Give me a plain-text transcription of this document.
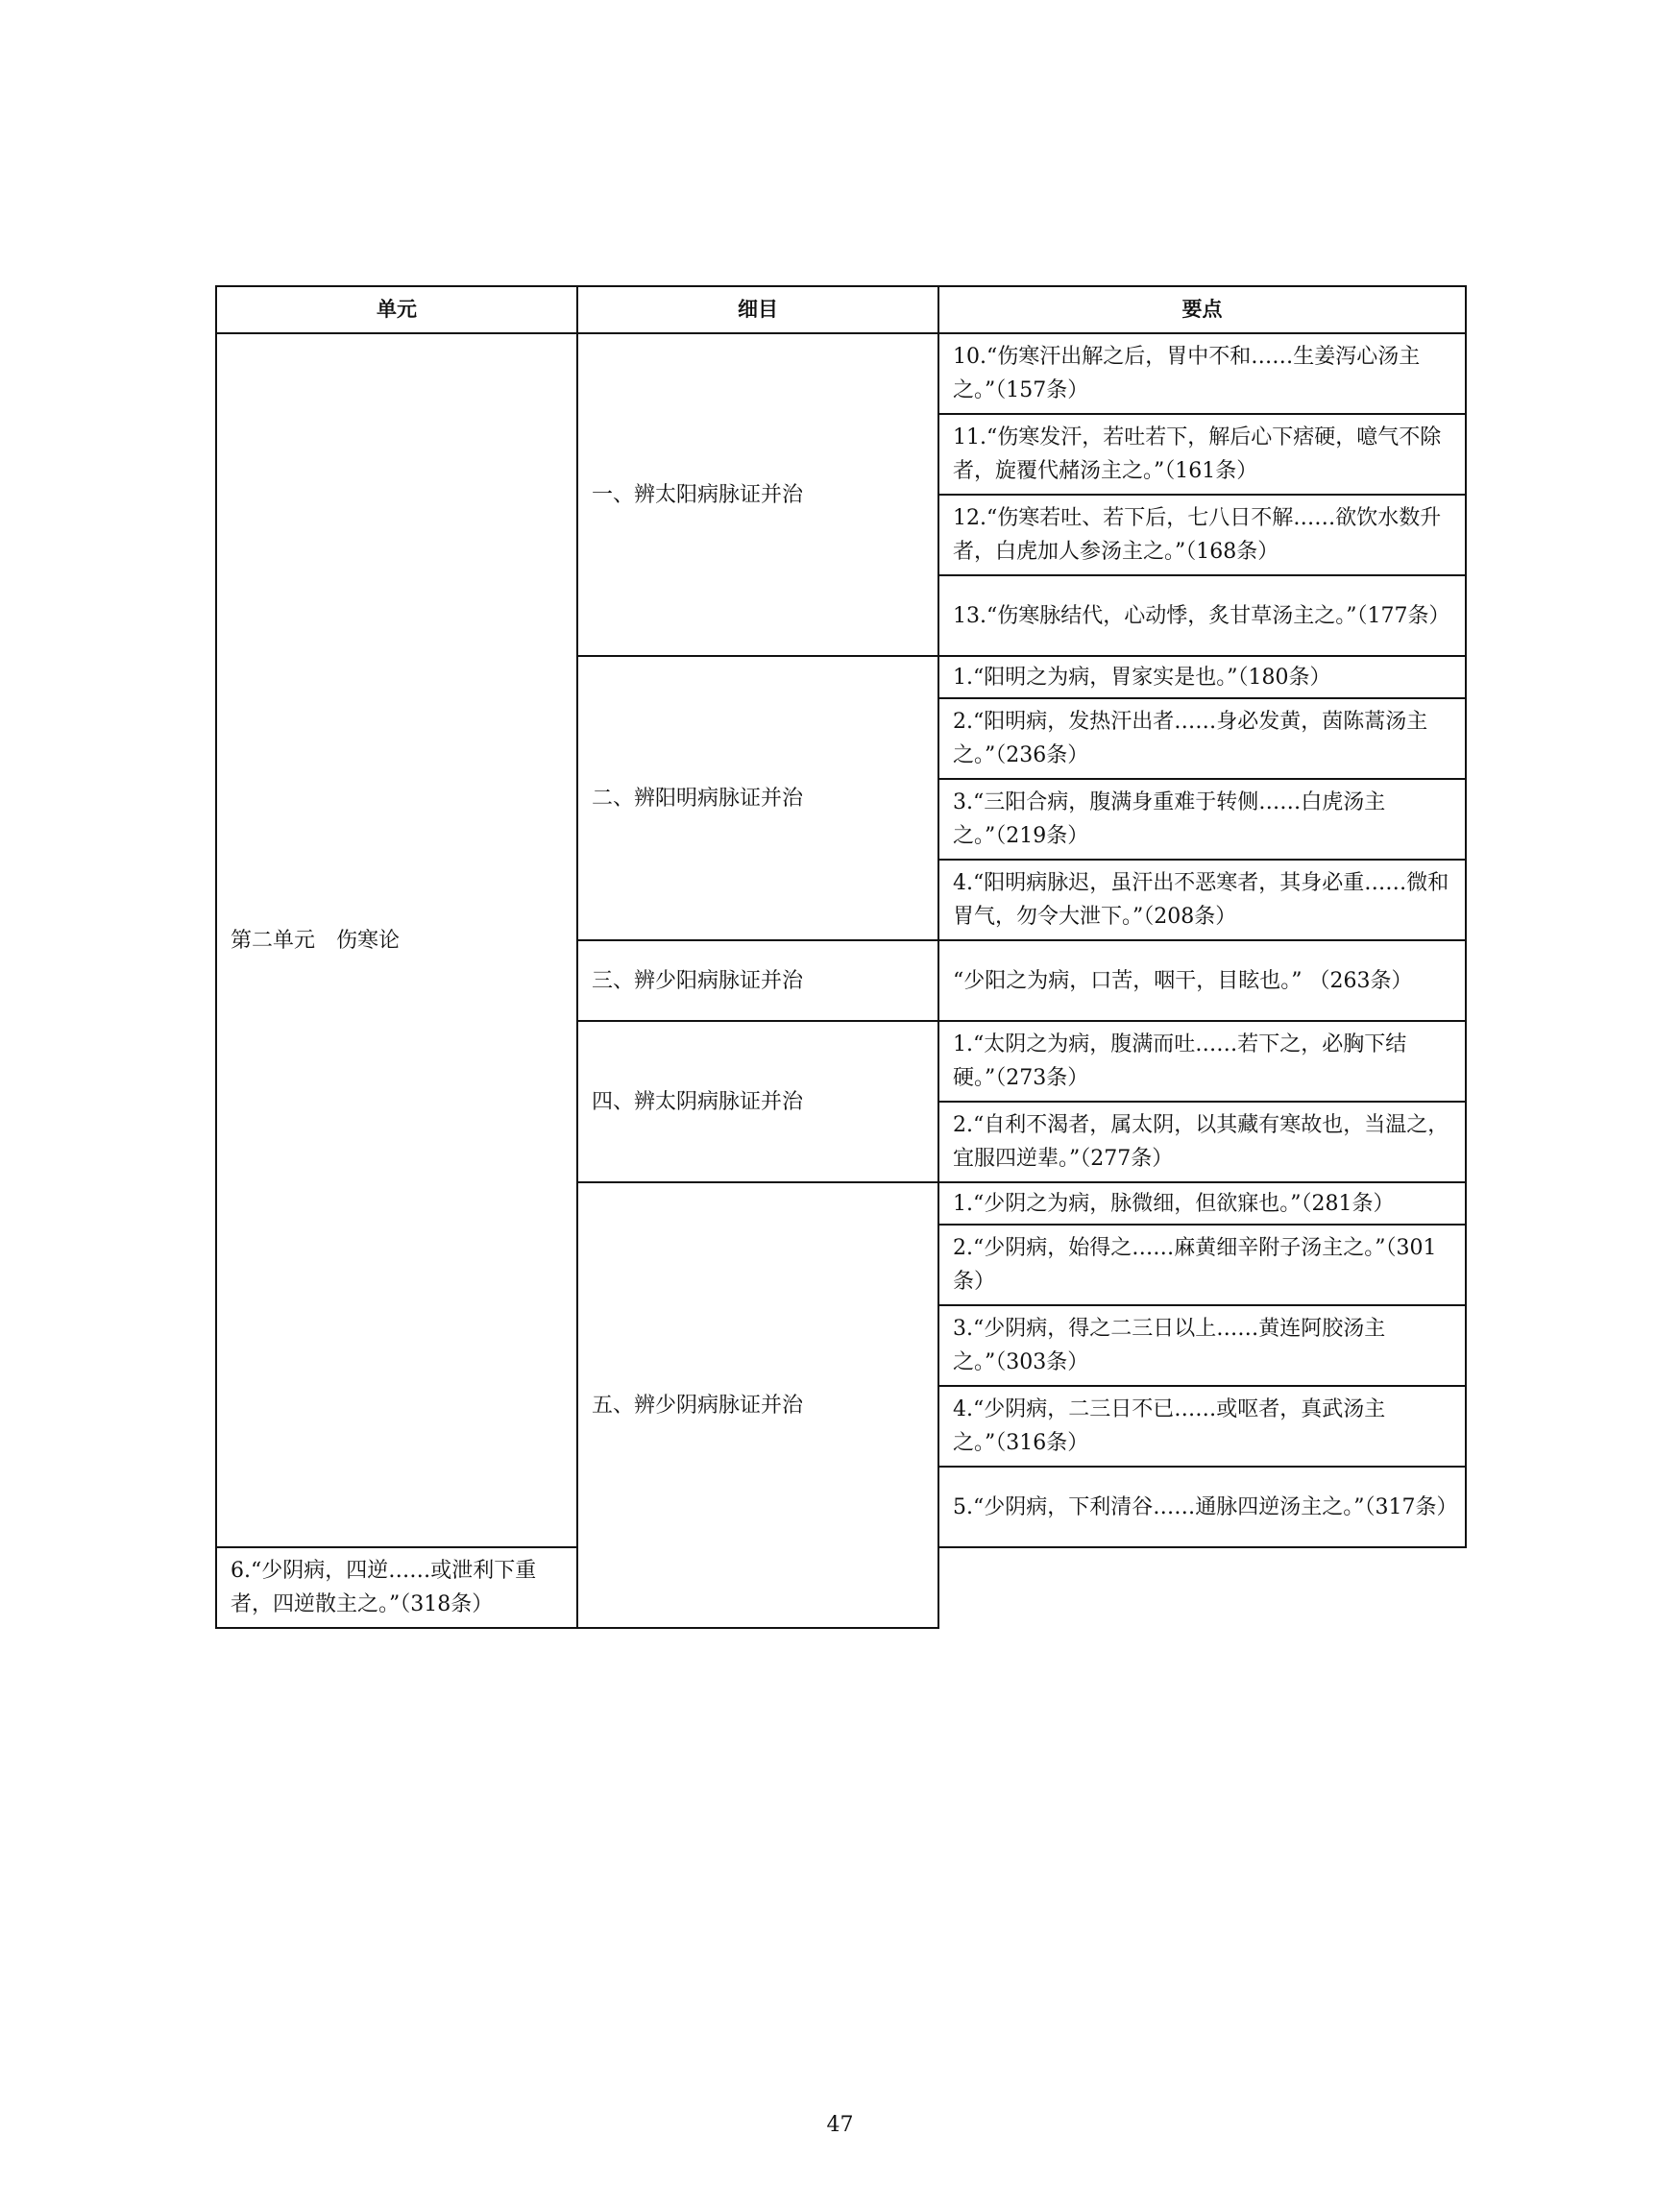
单元	细目	要点
第二单元　伤寒论	一、辨太阳病脉证并治	10.“伤寒汗出解之后，胃中不和……生姜泻心汤主之。”（157条）
		11.“伤寒发汗，若吐若下，解后心下痞硬，噫气不除者，旋覆代赭汤主之。”（161条）
		12.“伤寒若吐、若下后，七八日不解……欲饮水数升者，白虎加人参汤主之。”（168条）
		13.“伤寒脉结代，心动悸，炙甘草汤主之。”（177条）
	二、辨阳明病脉证并治	1.“阳明之为病，胃家实是也。”（180条）
		2.“阳明病，发热汗出者……身必发黄，茵陈蒿汤主之。”（236条）
		3.“三阳合病，腹满身重难于转侧……白虎汤主之。”（219条）
		4.“阳明病脉迟，虽汗出不恶寒者，其身必重……微和胃气，勿令大泄下。”（208条）
	三、辨少阳病脉证并治	“少阳之为病，口苦，咽干，目眩也。” （263条）
	四、辨太阴病脉证并治	1.“太阴之为病，腹满而吐……若下之，必胸下结硬。”（273条）
		2.“自利不渴者，属太阴，以其藏有寒故也，当温之，宜服四逆辈。”（277条）
	五、辨少阴病脉证并治	1.“少阴之为病，脉微细，但欲寐也。”（281条）
		2.“少阴病，始得之……麻黄细辛附子汤主之。”（301条）
		3.“少阴病，得之二三日以上……黄连阿胶汤主之。”（303条）
		4.“少阴病，二三日不已……或呕者，真武汤主之。”（316条）
		5.“少阴病，下利清谷……通脉四逆汤主之。”（317条）
6.“少阴病，四逆……或泄利下重者，四逆散主之。”（318条）		
47
